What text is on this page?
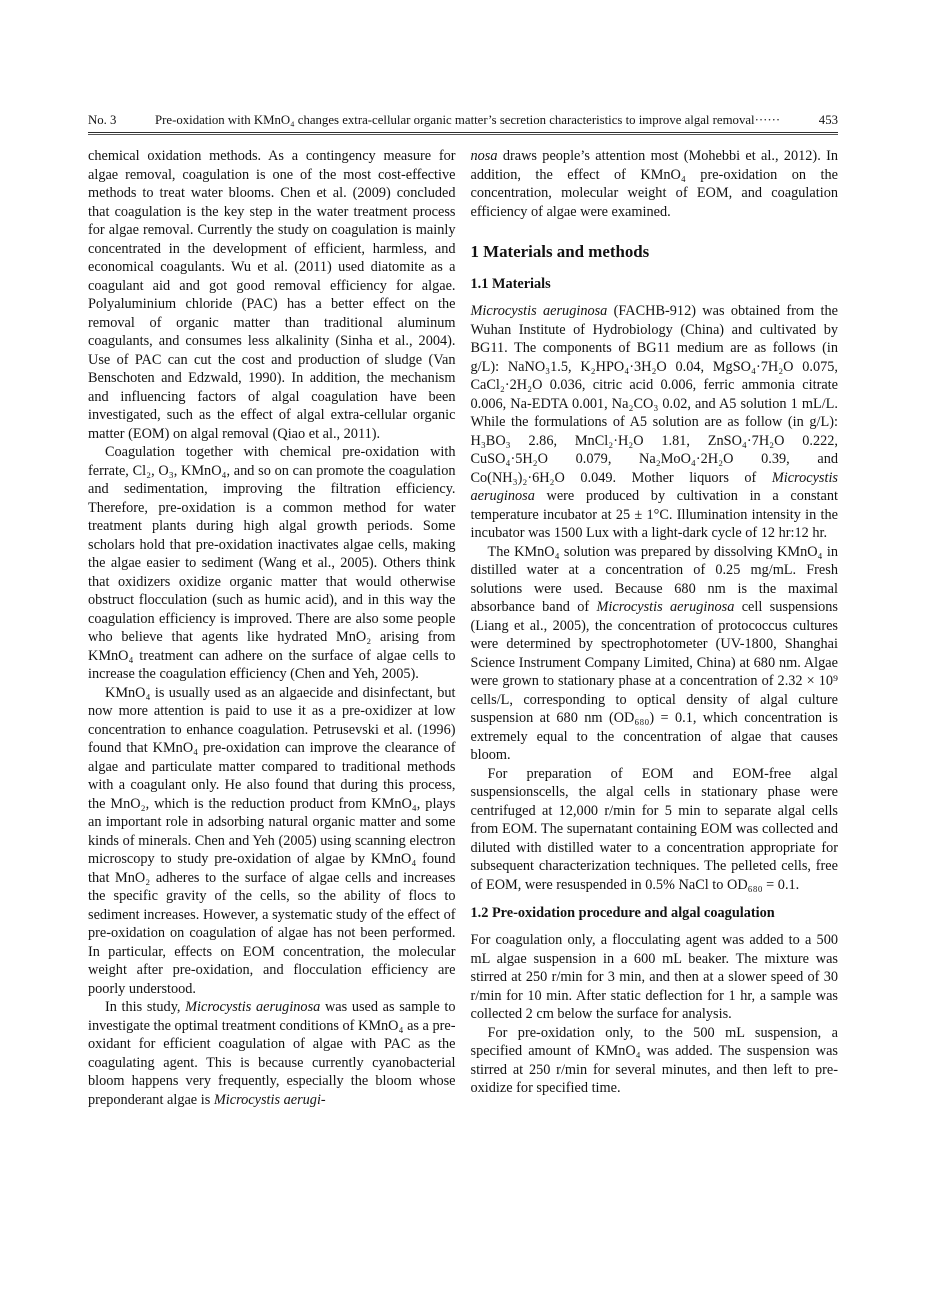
No. 3	Pre-oxidation with KMnO₄ changes extra-cellular organic matter’s secretion characteristics to improve algal removal······	453

chemical oxidation methods. As a contingency measure for algae removal, coagulation is one of the most cost-effective methods to treat water blooms. Chen et al. (2009) concluded that coagulation is the key step in the water treatment process for algae removal. Currently the study on coagulation is mainly concentrated in the development of efficient, harmless, and economical coagulants. Wu et al. (2011) used diatomite as a coagulant aid and got good removal efficiency for algae. Polyaluminium chloride (PAC) has a better effect on the removal of organic matter than traditional aluminum coagulants, and consumes less alkalinity (Sinha et al., 2004). Use of PAC can cut the cost and production of sludge (Van Benschoten and Edzwald, 1990). In addition, the mechanism and influencing factors of algal coagulation have been investigated, such as the effect of algal extra-cellular organic matter (EOM) on algal removal (Qiao et al., 2011).

Coagulation together with chemical pre-oxidation with ferrate, Cl₂, O₃, KMnO₄, and so on can promote the coagulation and sedimentation, improving the filtration efficiency. Therefore, pre-oxidation is a common method for water treatment plants during high algal growth periods. Some scholars hold that pre-oxidation inactivates algae cells, making the algae easier to sediment (Wang et al., 2005). Others think that oxidizers oxidize organic matter that would otherwise obstruct flocculation (such as humic acid), and in this way the coagulation efficiency is improved. There are also some people who believe that agents like hydrated MnO₂ arising from KMnO₄ treatment can adhere on the surface of algae cells to increase the coagulation efficiency (Chen and Yeh, 2005).

KMnO₄ is usually used as an algaecide and disinfectant, but now more attention is paid to use it as a pre-oxidizer at low concentration to enhance coagulation. Petrusevski et al. (1996) found that KMnO₄ pre-oxidation can improve the clearance of algae and particulate matter compared to traditional methods with a coagulant only. He also found that during this process, the MnO₂, which is the reduction product from KMnO₄, plays an important role in adsorbing natural organic matter and some kinds of minerals. Chen and Yeh (2005) using scanning electron microscopy to study pre-oxidation of algae by KMnO₄ found that MnO₂ adheres to the surface of algae cells and increases the specific gravity of the cells, so the ability of flocs to sediment increases. However, a systematic study of the effect of pre-oxidation on coagulation of algae has not been performed. In particular, effects on EOM concentration, the molecular weight after pre-oxidation, and flocculation efficiency are poorly understood.

In this study, Microcystis aeruginosa was used as sample to investigate the optimal treatment conditions of KMnO₄ as a pre-oxidant for efficient coagulation of algae with PAC as the coagulating agent. This is because currently cyanobacterial bloom happens very frequently, especially the bloom whose preponderant algae is Microcystis aerugi-

nosa draws people’s attention most (Mohebbi et al., 2012). In addition, the effect of KMnO₄ pre-oxidation on the concentration, molecular weight of EOM, and coagulation efficiency of algae were examined.

1 Materials and methods
1.1 Materials

Microcystis aeruginosa (FACHB-912) was obtained from the Wuhan Institute of Hydrobiology (China) and cultivated by BG11. The components of BG11 medium are as follows (in g/L): NaNO₃1.5, K₂HPO₄·3H₂O 0.04, MgSO₄·7H₂O 0.075, CaCl₂·2H₂O 0.036, citric acid 0.006, ferric ammonia citrate 0.006, Na-EDTA 0.001, Na₂CO₃ 0.02, and A5 solution 1 mL/L. While the formulations of A5 solution are as follow (in g/L): H₃BO₃ 2.86, MnCl₂·H₂O 1.81, ZnSO₄·7H₂O 0.222, CuSO₄·5H₂O 0.079, Na₂MoO₄·2H₂O 0.39, and Co(NH₃)₂·6H₂O 0.049. Mother liquors of Microcystis aeruginosa were produced by cultivation in a constant temperature incubator at 25 ± 1°C. Illumination intensity in the incubator was 1500 Lux with a light-dark cycle of 12 hr:12 hr.

The KMnO₄ solution was prepared by dissolving KMnO₄ in distilled water at a concentration of 0.25 mg/mL. Fresh solutions were used. Because 680 nm is the maximal absorbance band of Microcystis aeruginosa cell suspensions (Liang et al., 2005), the concentration of protococcus cultures were determined by spectrophotometer (UV-1800, Shanghai Science Instrument Company Limited, China) at 680 nm. Algae were grown to stationary phase at a concentration of 2.32 × 10⁹ cells/L, corresponding to optical density of algal culture suspension at 680 nm (OD₆₈₀) = 0.1, which concentration is extremely equal to the concentration of algae that causes bloom.

For preparation of EOM and EOM-free algal suspensionscells, the algal cells in stationary phase were centrifuged at 12,000 r/min for 5 min to separate algal cells from EOM. The supernatant containing EOM was collected and diluted with distilled water to a concentration appropriate for subsequent characterization techniques. The pelleted cells, free of EOM, were resuspended in 0.5% NaCl to OD₆₈₀ = 0.1.

1.2 Pre-oxidation procedure and algal coagulation

For coagulation only, a flocculating agent was added to a 500 mL algae suspension in a 600 mL beaker. The mixture was stirred at 250 r/min for 3 min, and then at a slower speed of 30 r/min for 10 min. After static deflection for 1 hr, a sample was collected 2 cm below the surface for analysis.

For pre-oxidation only, to the 500 mL suspension, a specified amount of KMnO₄ was added. The suspension was stirred at 250 r/min for several minutes, and then left to pre-oxidize for specified time.
